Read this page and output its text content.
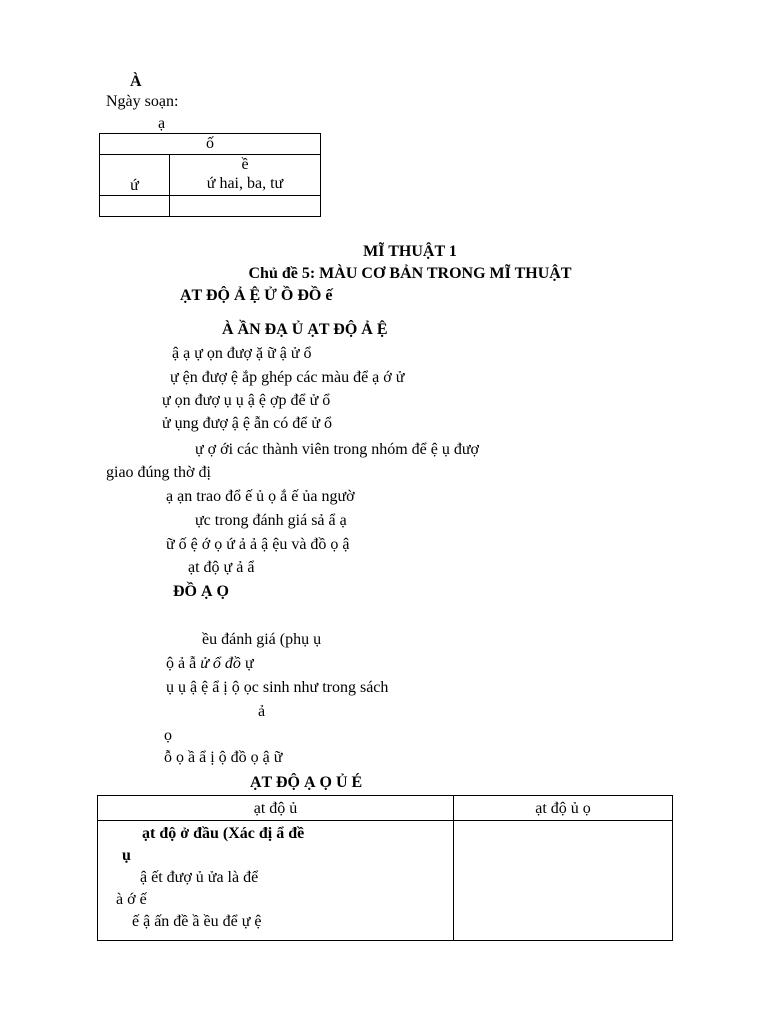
À
Ngày soạn:
ạ
ố	

ứ	ề
ứ hai, ba, tư

MĨ THUẬT 1
Chủ đề 5: MÀU CƠ BẢN TRONG MĨ THUẬT
ẠT ĐỘ Ả Ệ Ử Ồ ĐỒ ế
À ẦN ĐẠ Ủ ẠT ĐỘ Ả Ệ
ậ ạ ự ọn đượ ặ ữ ậ ử ổ
ự ện đượ ệ ắp ghép các màu để ạ ớ ử
ự ọn đượ ụ ụ ậ ệ ợp để ử ổ
ử ụng đượ ậ ệ ẫn có để ử ổ
ự ợ ới các thành viên trong nhóm để ệ ụ đượ
giao đúng thờ đị
ạ ạn trao đổ ế ủ ọ ắ ế ủa ngườ
ực trong đánh giá sả ẩ ạ
ữ ố ệ ớ ọ ứ ả ả ậ ệu và đồ ọ ậ
ạt độ ự ả ẩ
ĐỒ Ạ Ọ
ều đánh giá (phụ ụ
ộ ả ẫ ử ổ đồ ự
ụ ụ ậ ệ ẩ ị ộ ọc sinh như trong sách
ả
ọ
ỗ ọ ầ ẩ ị ộ đồ ọ ậ ữ
ẠT ĐỘ Ạ Ọ Ủ É
ạt độ ủ	ạt độ ủ ọ

ạt độ ở đầu (Xác đị ẩ đề
ụ
ậ ết đượ ủ ửa là để
à ớ ế
ế ậ ấn đề ầ ều để ự ệ	
